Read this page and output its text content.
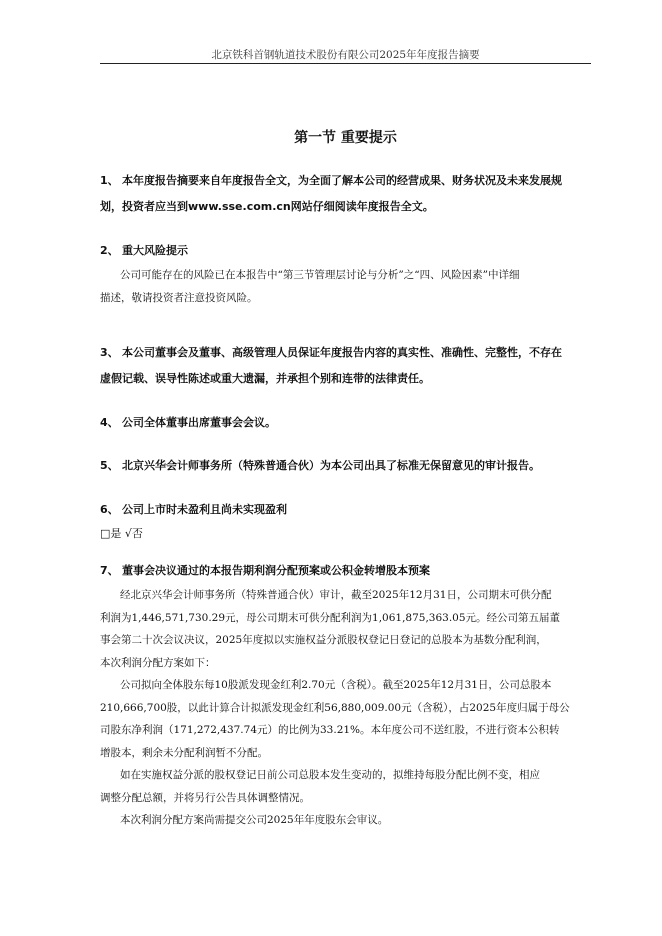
北京铁科首钢轨道技术股份有限公司2025年年度报告摘要
第一节 重要提示
1、 本年度报告摘要来自年度报告全文，为全面了解本公司的经营成果、财务状况及未来发展规
划，投资者应当到www.sse.com.cn网站仔细阅读年度报告全文。
2、 重大风险提示
公司可能存在的风险已在本报告中“第三节管理层讨论与分析”之“四、风险因素”中详细
描述，敬请投资者注意投资风险。
3、 本公司董事会及董事、高级管理人员保证年度报告内容的真实性、准确性、完整性，不存在
虚假记载、误导性陈述或重大遗漏，并承担个别和连带的法律责任。
4、 公司全体董事出席董事会会议。
5、 北京兴华会计师事务所（特殊普通合伙）为本公司出具了标准无保留意见的审计报告。
6、 公司上市时未盈利且尚未实现盈利
□是 √否
7、 董事会决议通过的本报告期利润分配预案或公积金转增股本预案
经北京兴华会计师事务所（特殊普通合伙）审计，截至2025年12月31日，公司期末可供分配
利润为1,446,571,730.29元，母公司期末可供分配利润为1,061,875,363.05元。经公司第五届董
事会第二十次会议决议，2025年度拟以实施权益分派股权登记日登记的总股本为基数分配利润，
本次利润分配方案如下：
公司拟向全体股东每10股派发现金红利2.70元（含税）。截至2025年12月31日，公司总股本
210,666,700股，以此计算合计拟派发现金红利56,880,009.00元（含税），占2025年度归属于母公
司股东净利润（171,272,437.74元）的比例为33.21%。本年度公司不送红股，不进行资本公积转
增股本，剩余未分配利润暂不分配。
如在实施权益分派的股权登记日前公司总股本发生变动的，拟维持每股分配比例不变，相应
调整分配总额，并将另行公告具体调整情况。
本次利润分配方案尚需提交公司2025年年度股东会审议。
